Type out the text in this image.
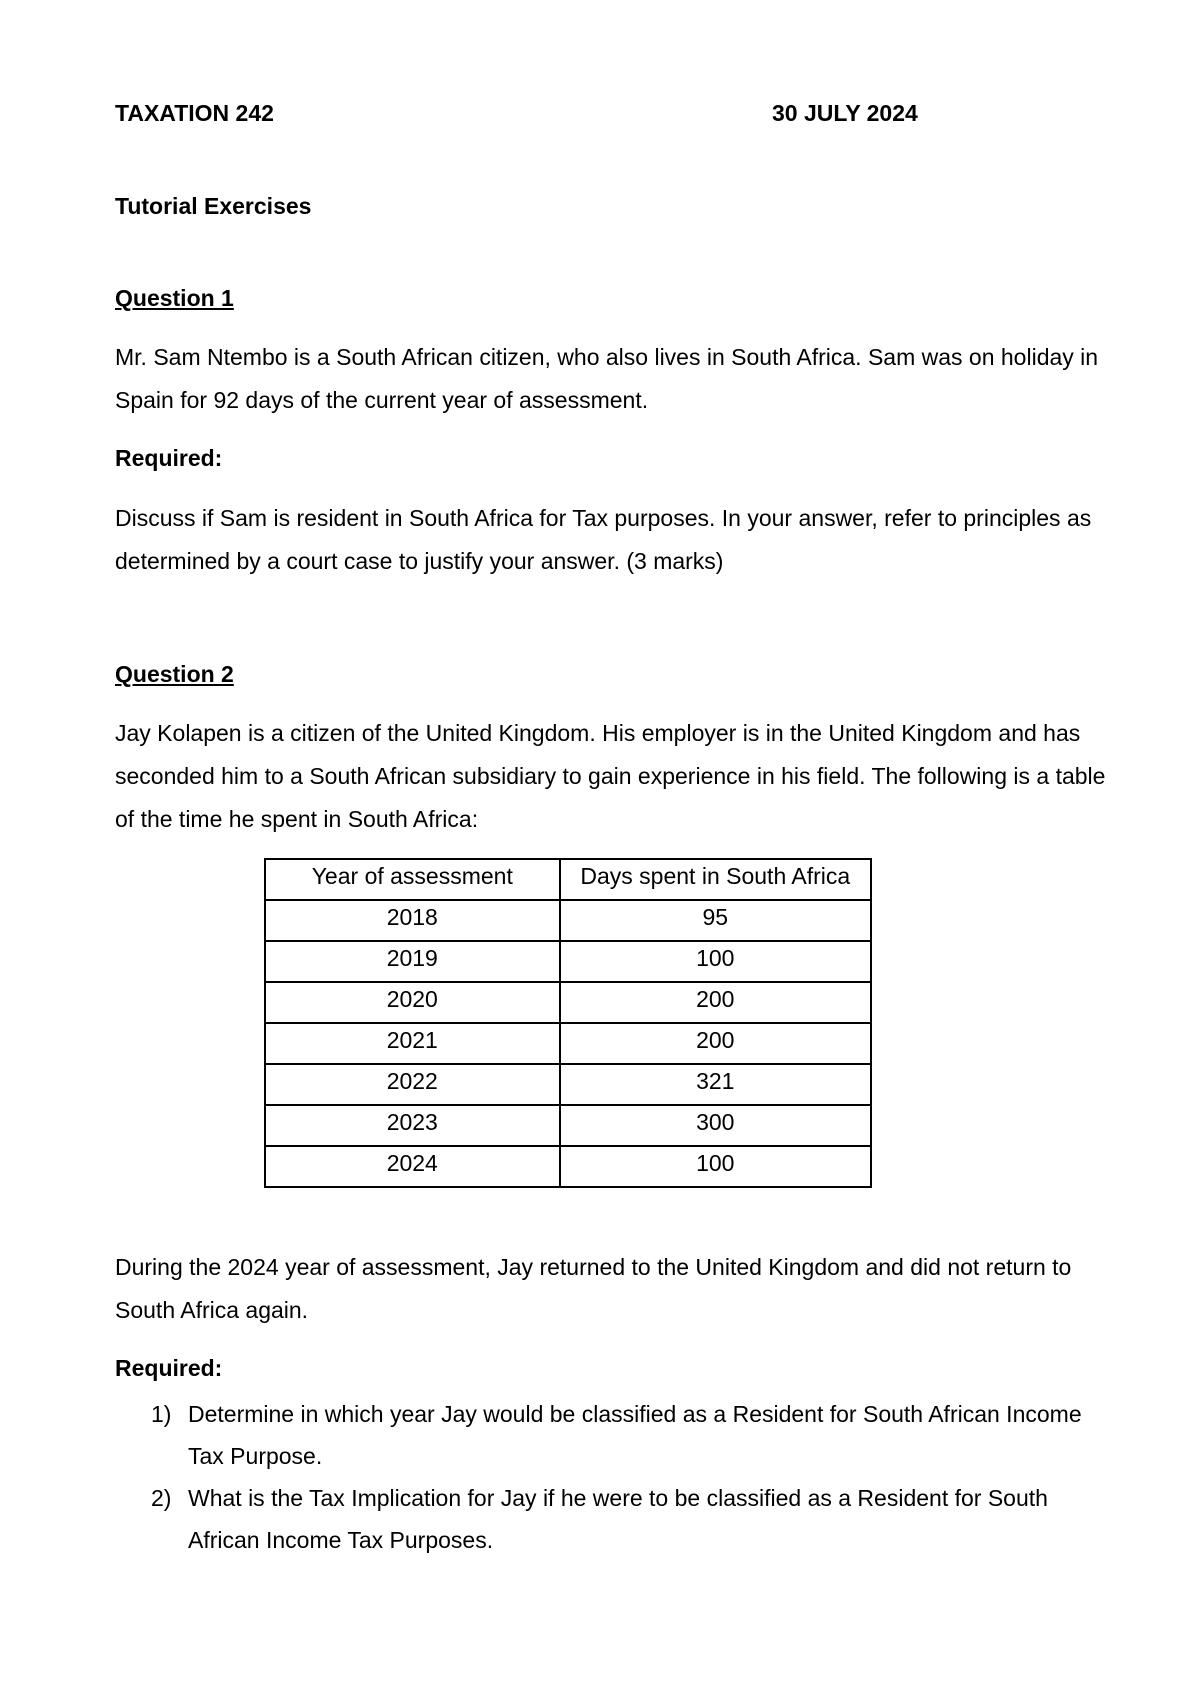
TAXATION 242	30 JULY 2024
Tutorial Exercises
Question 1
Mr. Sam Ntembo is a South African citizen, who also lives in South Africa. Sam was on holiday in Spain for 92 days of the current year of assessment.
Required:
Discuss if Sam is resident in South Africa for Tax purposes. In your answer, refer to principles as determined by a court case to justify your answer. (3 marks)
Question 2
Jay Kolapen is a citizen of the United Kingdom. His employer is in the United Kingdom and has seconded him to a South African subsidiary to gain experience in his field. The following is a table of the time he spent in South Africa:
Year of assessment	Days spent in South Africa
2018	95
2019	100
2020	200
2021	200
2022	321
2023	300
2024	100
During the 2024 year of assessment, Jay returned to the United Kingdom and did not return to South Africa again.
Required:
1) Determine in which year Jay would be classified as a Resident for South African Income Tax Purpose.
2) What is the Tax Implication for Jay if he were to be classified as a Resident for South African Income Tax Purposes.
